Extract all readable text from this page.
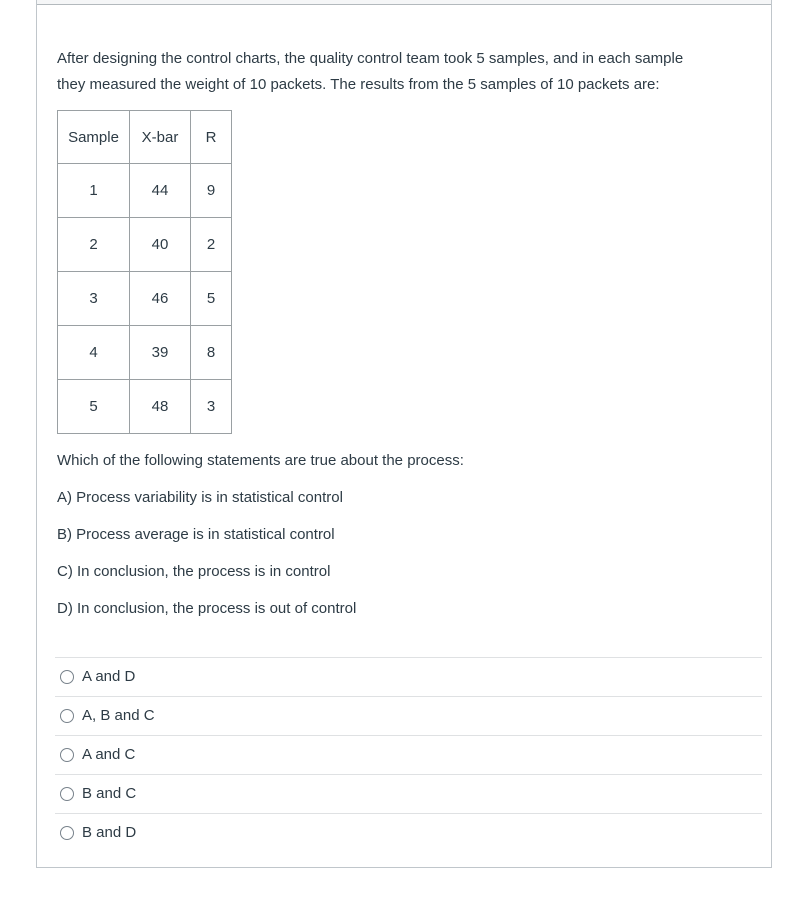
After designing the control charts, the quality control team took 5 samples, and in each sample
they measured the weight of 10 packets. The results from the 5 samples of 10 packets are:
Sample	X-bar	R
1	44	9
2	40	2
3	46	5
4	39	8
5	48	3
Which of the following statements are true about the process:

A) Process variability is in statistical control

B) Process average is in statistical control

C) In conclusion, the process is in control

D) In conclusion, the process is out of control

A and D
A, B and C
A and C
B and C
B and D
